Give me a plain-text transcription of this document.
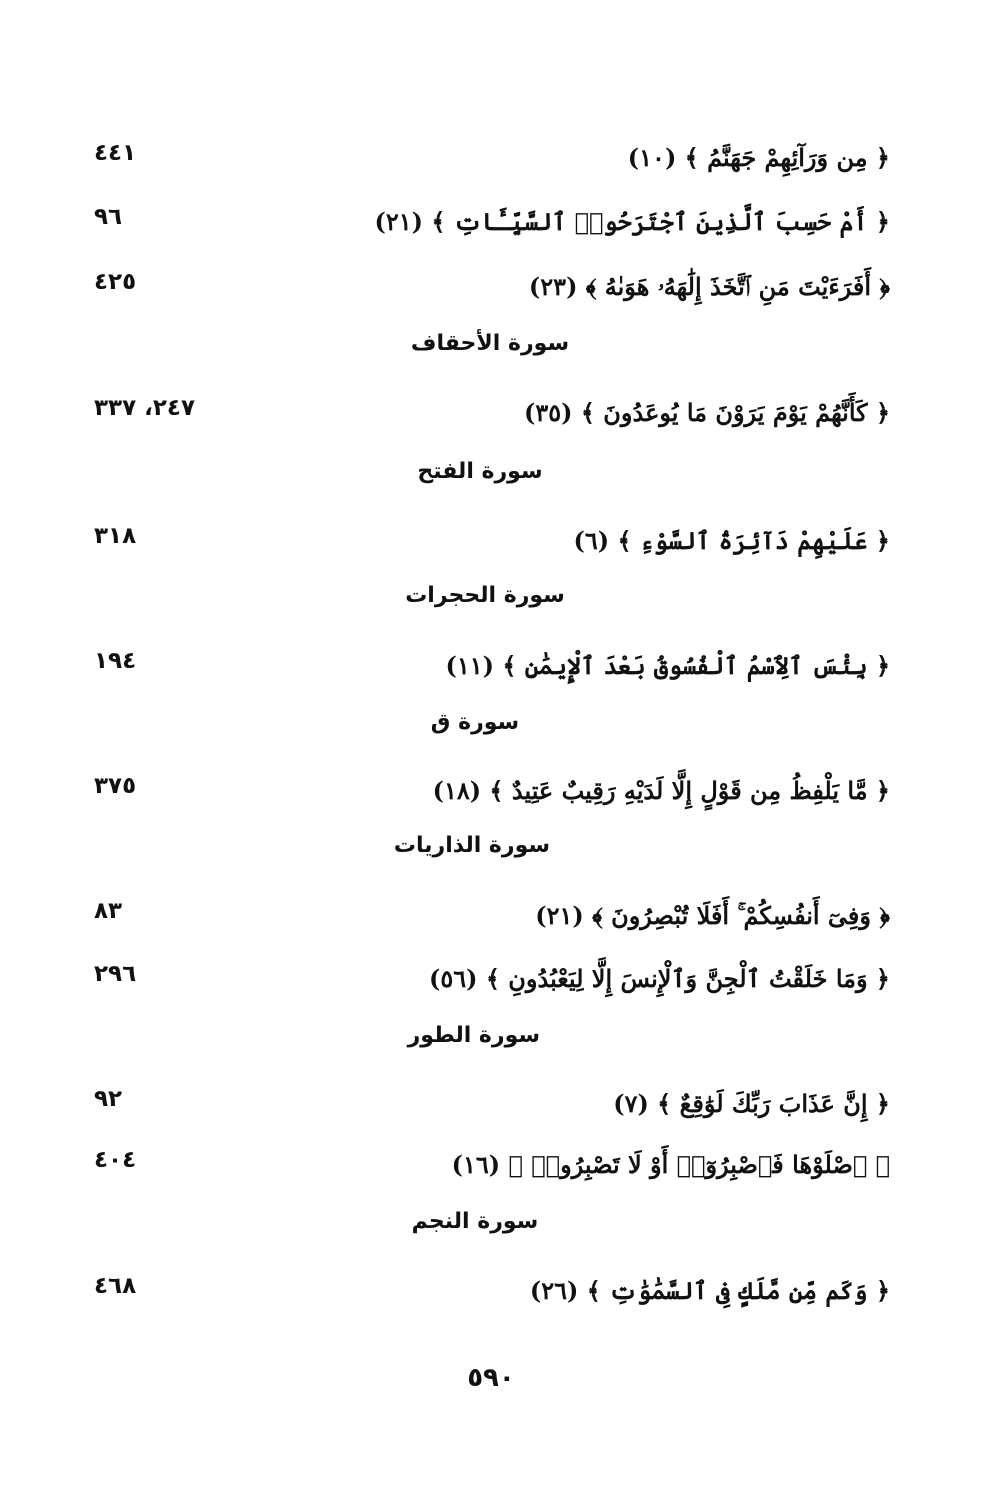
﴿ مِن وَرَآئِهِمْ جَهَنَّمُ ﴾ (١٠)
٤٤١
﴿ أَمْ حَسِبَ ٱلَّذِينَ ٱجْتَرَحُوا۟ ٱلسَّيِّـَٔاتِ ﴾ (٢١)
٩٦
﴿ أَفَرَءَيْتَ مَنِ ٱتَّخَذَ إِلَٰهَهُۥ هَوَىٰهُ ﴾ (٢٣)
٤٢٥
سورة الأحقاف
﴿ كَأَنَّهُمْ يَوْمَ يَرَوْنَ مَا يُوعَدُونَ ﴾ (٣٥)
٢٤٧، ٣٣٧
سورة الفتح
﴿ عَلَيْهِمْ دَآئِرَةُ ٱلسَّوْءِ ﴾ (٦)
٣١٨
سورة الحجرات
﴿ بِئْسَ ٱلِٱسْمُ ٱلْفُسُوقُ بَعْدَ ٱلْإِيمَٰنِ ﴾ (١١)
١٩٤
سورة ق
﴿ مَّا يَلْفِظُ مِن قَوْلٍ إِلَّا لَدَيْهِ رَقِيبٌ عَتِيدٌ ﴾ (١٨)
٣٧٥
سورة الذاريات
﴿ وَفِىٓ أَنفُسِكُمْ ۚ أَفَلَا تُبْصِرُونَ ﴾ (٢١)
٨٣
﴿ وَمَا خَلَقْتُ ٱلْجِنَّ وَٱلْإِنسَ إِلَّا لِيَعْبُدُونِ ﴾ (٥٦)
٢٩٦
سورة الطور
﴿ إِنَّ عَذَابَ رَبِّكَ لَوَٰقِعٌ ﴾ (٧)
٩٢
﴿ ٱصْلَوْهَا فَٱصْبِرُوٓا۟ أَوْ لَا تَصْبِرُوا۟ ﴾ (١٦)
٤٠٤
سورة النجم
﴿ وَكَم مِّن مَّلَكٍ فِى ٱلسَّمَٰوَٰتِ ﴾ (٢٦)
٤٦٨
٥٩٠
